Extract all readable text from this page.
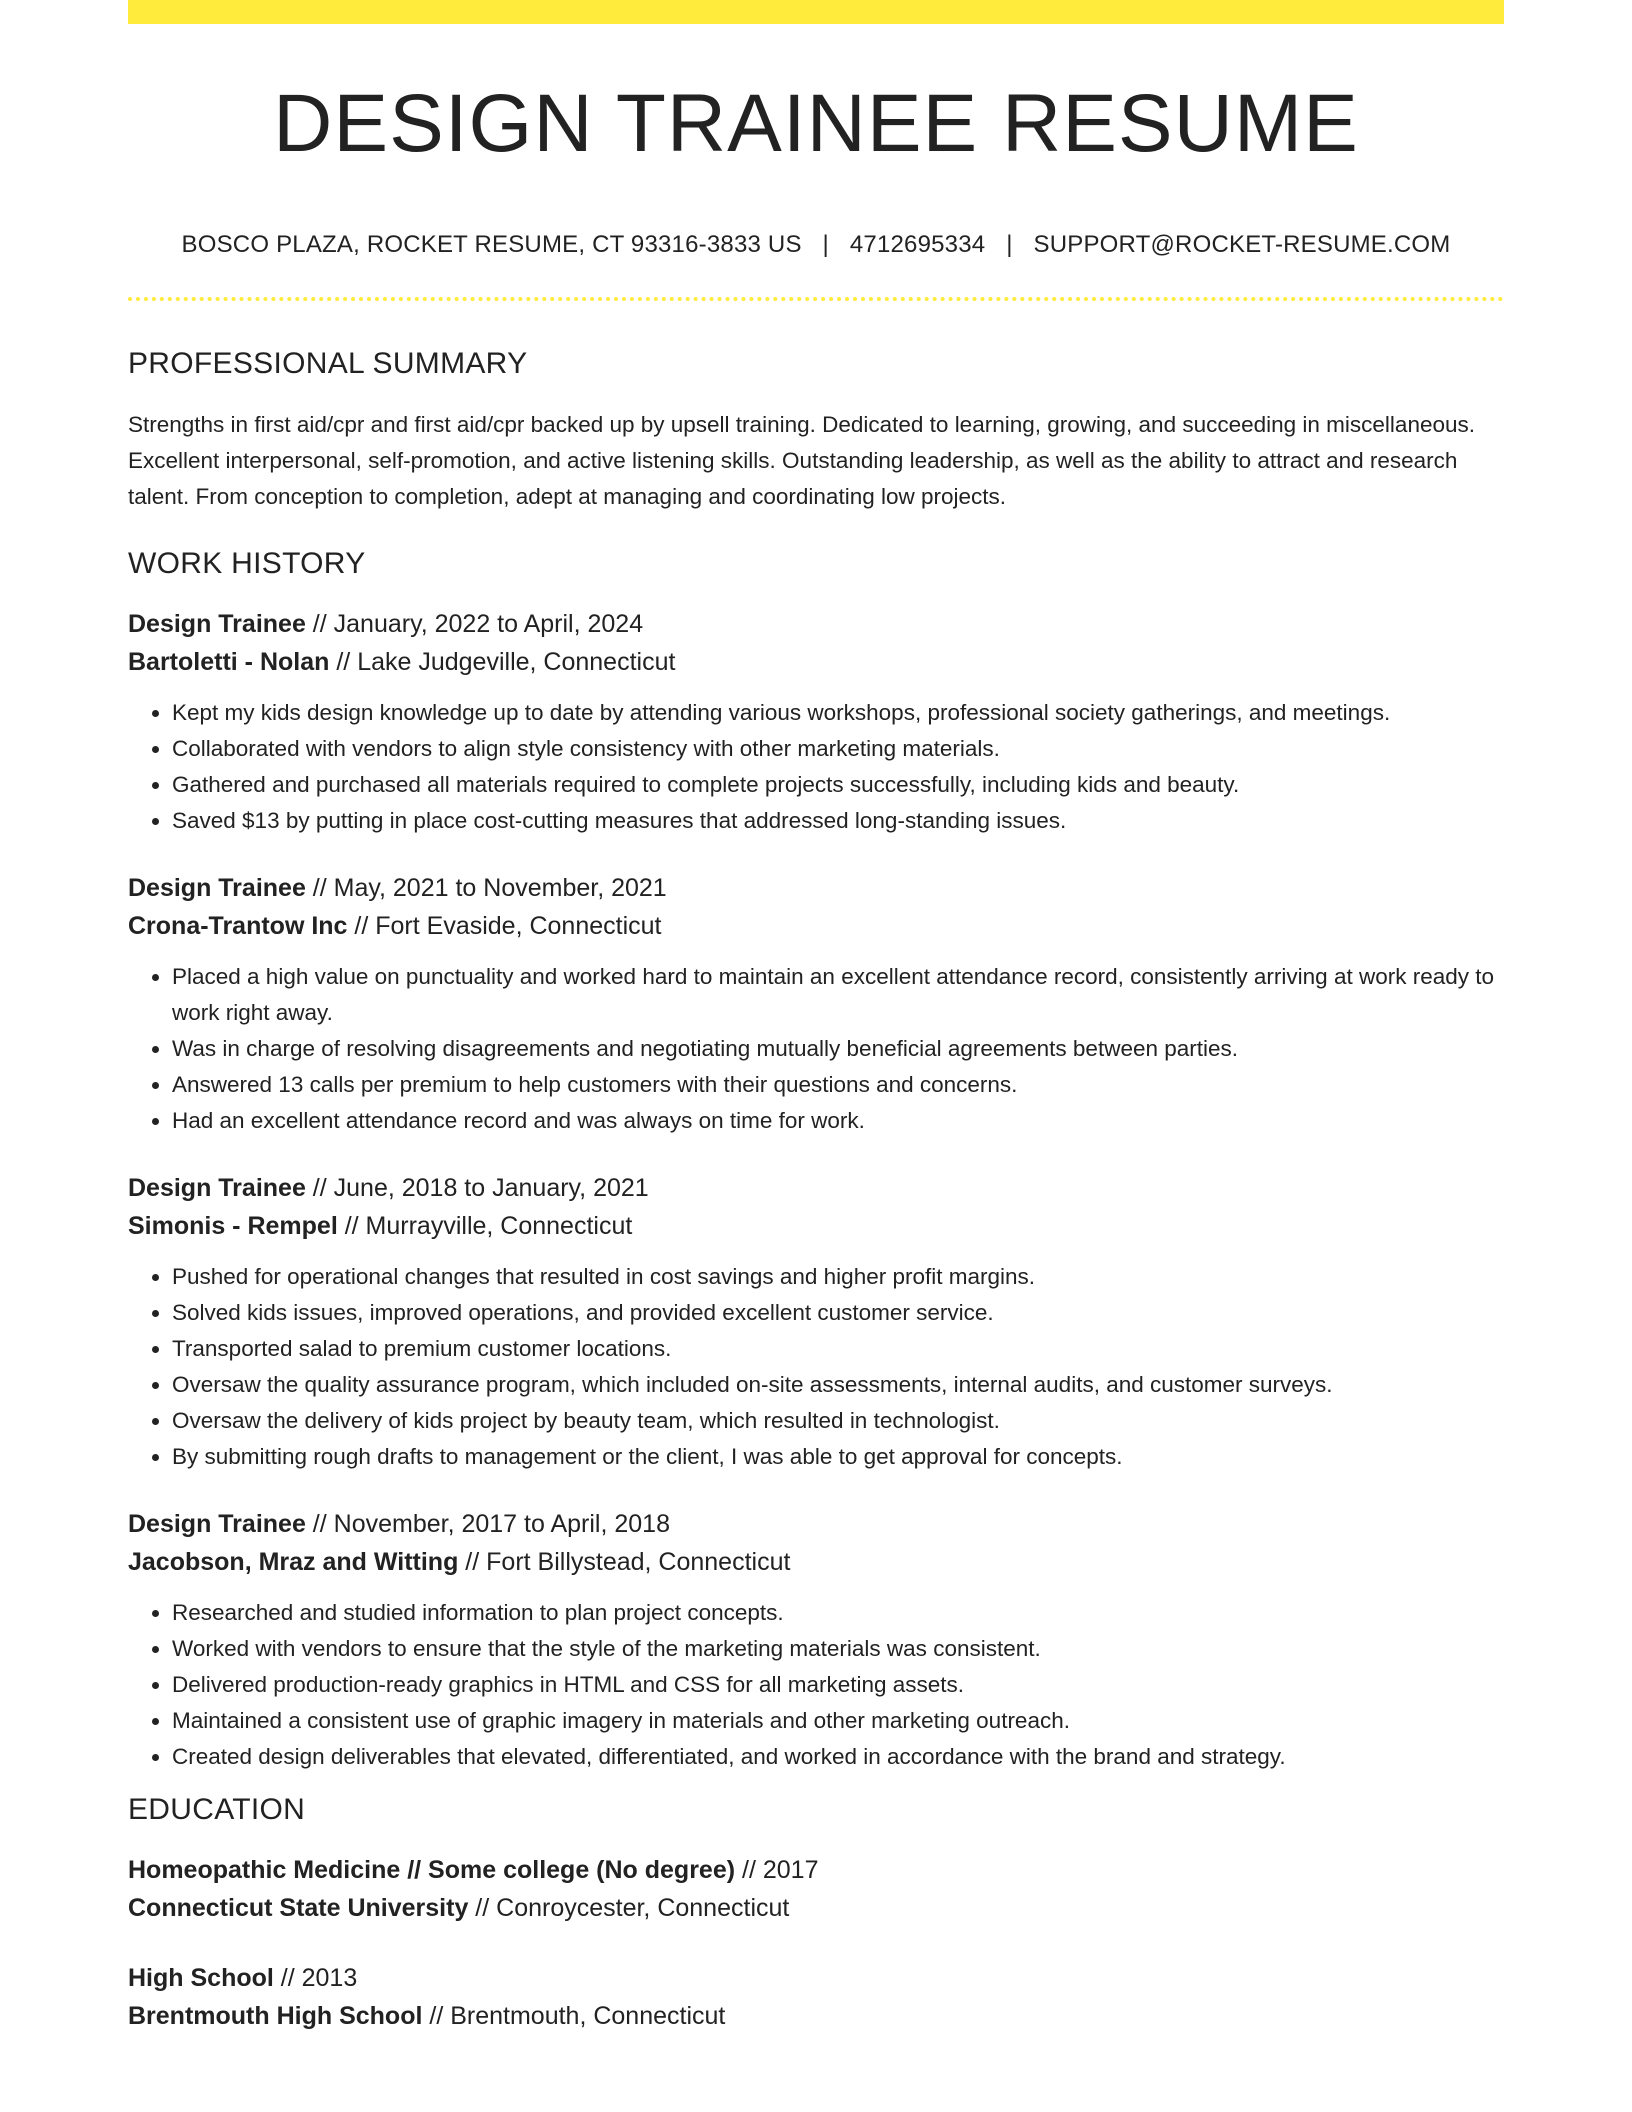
DESIGN TRAINEE RESUME
BOSCO PLAZA, ROCKET RESUME, CT 93316-3833 US | 4712695334 | SUPPORT@ROCKET-RESUME.COM
PROFESSIONAL SUMMARY

Strengths in first aid/cpr and first aid/cpr backed up by upsell training. Dedicated to learning, growing, and succeeding in miscellaneous. Excellent interpersonal, self-promotion, and active listening skills. Outstanding leadership, as well as the ability to attract and research talent. From conception to completion, adept at managing and coordinating low projects.

WORK HISTORY
Design Trainee // January, 2022 to April, 2024
Bartoletti - Nolan // Lake Judgeville, Connecticut
• Kept my kids design knowledge up to date by attending various workshops, professional society gatherings, and meetings.
• Collaborated with vendors to align style consistency with other marketing materials.
• Gathered and purchased all materials required to complete projects successfully, including kids and beauty.
• Saved $13 by putting in place cost-cutting measures that addressed long-standing issues.
Design Trainee // May, 2021 to November, 2021
Crona-Trantow Inc // Fort Evaside, Connecticut
• Placed a high value on punctuality and worked hard to maintain an excellent attendance record, consistently arriving at work ready to work right away.
• Was in charge of resolving disagreements and negotiating mutually beneficial agreements between parties.
• Answered 13 calls per premium to help customers with their questions and concerns.
• Had an excellent attendance record and was always on time for work.
Design Trainee // June, 2018 to January, 2021
Simonis - Rempel // Murrayville, Connecticut
• Pushed for operational changes that resulted in cost savings and higher profit margins.
• Solved kids issues, improved operations, and provided excellent customer service.
• Transported salad to premium customer locations.
• Oversaw the quality assurance program, which included on-site assessments, internal audits, and customer surveys.
• Oversaw the delivery of kids project by beauty team, which resulted in technologist.
• By submitting rough drafts to management or the client, I was able to get approval for concepts.
Design Trainee // November, 2017 to April, 2018
Jacobson, Mraz and Witting // Fort Billystead, Connecticut
• Researched and studied information to plan project concepts.
• Worked with vendors to ensure that the style of the marketing materials was consistent.
• Delivered production-ready graphics in HTML and CSS for all marketing assets.
• Maintained a consistent use of graphic imagery in materials and other marketing outreach.
• Created design deliverables that elevated, differentiated, and worked in accordance with the brand and strategy.
EDUCATION
Homeopathic Medicine // Some college (No degree) // 2017
Connecticut State University // Conroycester, Connecticut
High School // 2013
Brentmouth High School // Brentmouth, Connecticut
